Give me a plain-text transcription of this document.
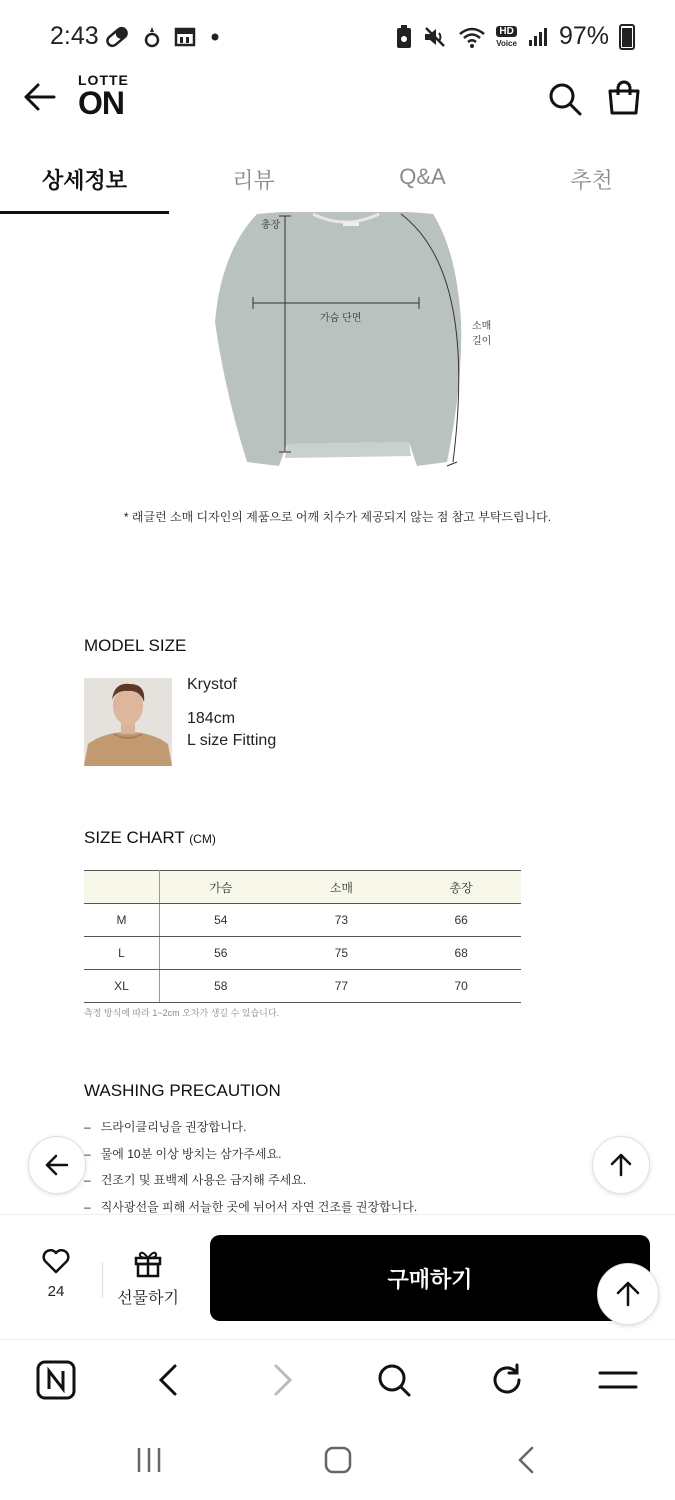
2:43	HD
Voice 97%
LOTTE
ON
상세정보	리뷰	Q&A	추천
총장
가슴 단면
소매길이
* 래글런 소매 디자인의 제품으로 어깨 치수가 제공되지 않는 점 참고 부탁드립니다.
MODEL SIZE
Krystof
184cm
L size Fitting
SIZE CHART (CM)
	가슴	소매	총장
M	54	73	66
L	56	75	68
XL	58	77	70
측정 방식에 따라 1~2cm 오차가 생길 수 있습니다.
WASHING PRECAUTION
– 드라이클리닝을 권장합니다.
– 물에 10분 이상 방치는 삼가주세요.
– 건조기 및 표백제 사용은 금지해 주세요.
– 직사광선을 피해 서늘한 곳에 뉘어서 자연 건조를 권장합니다.
24	선물하기
구매하기
